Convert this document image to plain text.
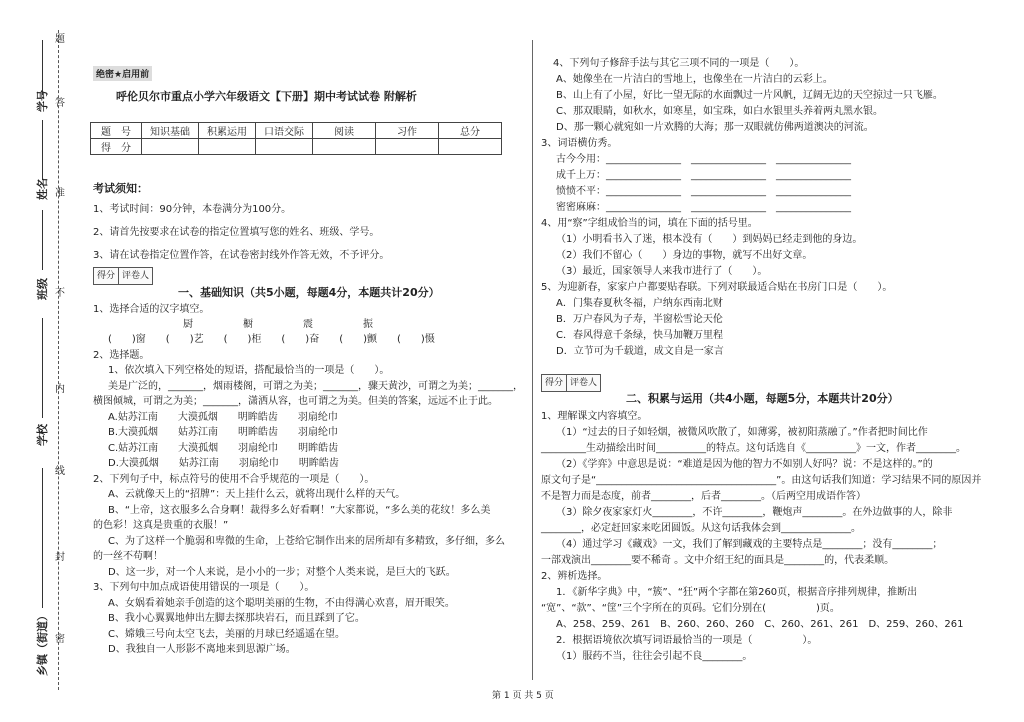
题
答
准
不
内
线
封
密
学号
姓名
班级
学校
乡镇（街道）
绝密★启用前
呼伦贝尔市重点小学六年级语文【下册】期中考试试卷 附解析
题　号	知识基础	积累运用	口语交际	阅读	习作	总分
得　分						
考试须知：
1、考试时间：90分钟，本卷满分为100分。
2、请首先按要求在试卷的指定位置填写您的姓名、班级、学号。
3、请在试卷指定位置作答，在试卷密封线外作答无效，不予评分。
得分 评卷人
一、基础知识（共5小题，每题4分，本题共计20分）
1、选择合适的汉字填空。
厨　　　　　橱　　　　　震　　　　　振
(　　)窗　　(　　)艺　　(　　)柜　　(　　)奋　　(　　)颤　　(　　)慑
2、选择题。
1、依次填入下列空格处的短语，搭配最恰当的一项是（　　）。
美是广泛的，_______，烟雨楼阁，可谓之为美；_______，骤天黄沙，可谓之为美；_______，
横图倾城，可谓之为美；_______，潇洒从容，也可谓之为美。但美的答案，远远不止于此。
A.姑苏江南　　大漠孤烟　　明眸皓齿　　羽扇纶巾
B.大漠孤烟　　姑苏江南　　明眸皓齿　　羽扇纶巾
C.姑苏江南　　大漠孤烟　　羽扇纶巾　　明眸皓齿
D.大漠孤烟　　姑苏江南　　羽扇纶巾　　明眸皓齿
2、下列句子中，标点符号的使用不合乎规范的一项是（　　）。
A、云就像天上的“招牌”：天上挂什么云，就将出现什么样的天气。
B、“上帝，这衣服多么合身啊！裁得多么好看啊！”大家都说，“多么美的花纹！多么美
的色彩！这真是贵重的衣服！”
C、为了这样一个脆弱和卑微的生命，上苍给它制作出来的居所却有多精致，多仔细，多么
的一丝不苟啊！
D、这一步，对一个人来说，是小小的一步；对整个人类来说，是巨大的飞跃。
3、下列句中加点成语使用错误的一项是（　　）。
A、女娲看着她亲手创造的这个聪明美丽的生物，不由得满心欢喜，眉开眼笑。
B、我小心翼翼地伸出左脚去探那块岩石，而且踩到了它。
C、嫦娥三号向太空飞去，美丽的月球已经遥遥在望。
D、我独自一人形影不离地来到思源广场。
4、下列句子修辞手法与其它三项不同的一项是（　　）。
A、她像坐在一片洁白的雪地上，也像坐在一片洁白的云彩上。
B、山上有了小屋，好比一望无际的水面飘过一片风帆，辽阔无边的天空掠过一只飞雁。
C、那双眼睛，如秋水，如寒星，如宝珠，如白水银里头养着两丸黑水银。
D、那一颗心就宛如一片欢腾的大海；那一双眼就仿佛两道澳决的河流。
3、词语横仿秀。
古今今用：_______________　_______________　_______________
成千上万：_______________　_______________　_______________
愤愤不平：_______________　_______________　_______________
密密麻麻：_______________　_______________　_______________
4、用“察”字组成恰当的词，填在下面的括号里。
（1）小明看书入了迷，根本没有（　　）到妈妈已经走到他的身边。
（2）我们不留心（　　）身边的事物，就写不出好文章。
（3）最近，国家领导人来我市进行了（　　）。
5、为迎新春，家家户户都要贴春联。下列对联最适合贴在书房门口是（　　）。
A．门集春夏秋冬福，户纳东西南北财
B．万户春风为子寿，半窗松雪论天伦
C．春风得意千条绿，快马加鞭万里程
D．立节可为千载道，成文自是一家言
得分 评卷人
二、积累与运用（共4小题，每题5分，本题共计20分）
1、理解课文内容填空。
（1）“过去的日子如轻烟，被微风吹散了，如薄雾，被初阳蒸融了。”作者把时间比作
_________生动描绘出时间__________的特点。这句话选自《__________》一文，作者________。
（2）《学弈》中意思是说：“难道是因为他的智力不如别人好吗？说：不是这样的。”的
原文句子是“____________________________________”。由这句话我们知道：学习结果不同的原因并
不是智力而是态度，前者________，后者________。（后两空用成语作答）
（3）除夕夜家家灯火________，不许________，鞭炮声________。在外边做事的人，除非
________，必定赶回家来吃团圆饭。从这句话我体会到______________。
（4）通过学习《藏戏》一文，我们了解到藏戏的主要特点是________；没有________；
一部戏演出________要不稀奇 。文中介绍王纪的面具是________的，代表柔顺。
2、辨析选择。
1．《新华字典》中，“簇”、“狂”两个字都在第260页，根据音序排列规律，推断出
“宽”、“款”、“筐”三个字所在的页码。它们分别在(　　　　　)页。
A、258、259、261　B、260、260、260　C、260、261、261　D、259、260、261
2．根据语境依次填写词语最恰当的一项是（　　　　　）。
（1）服药不当，往往会引起不良________。
第 1 页 共 5 页
